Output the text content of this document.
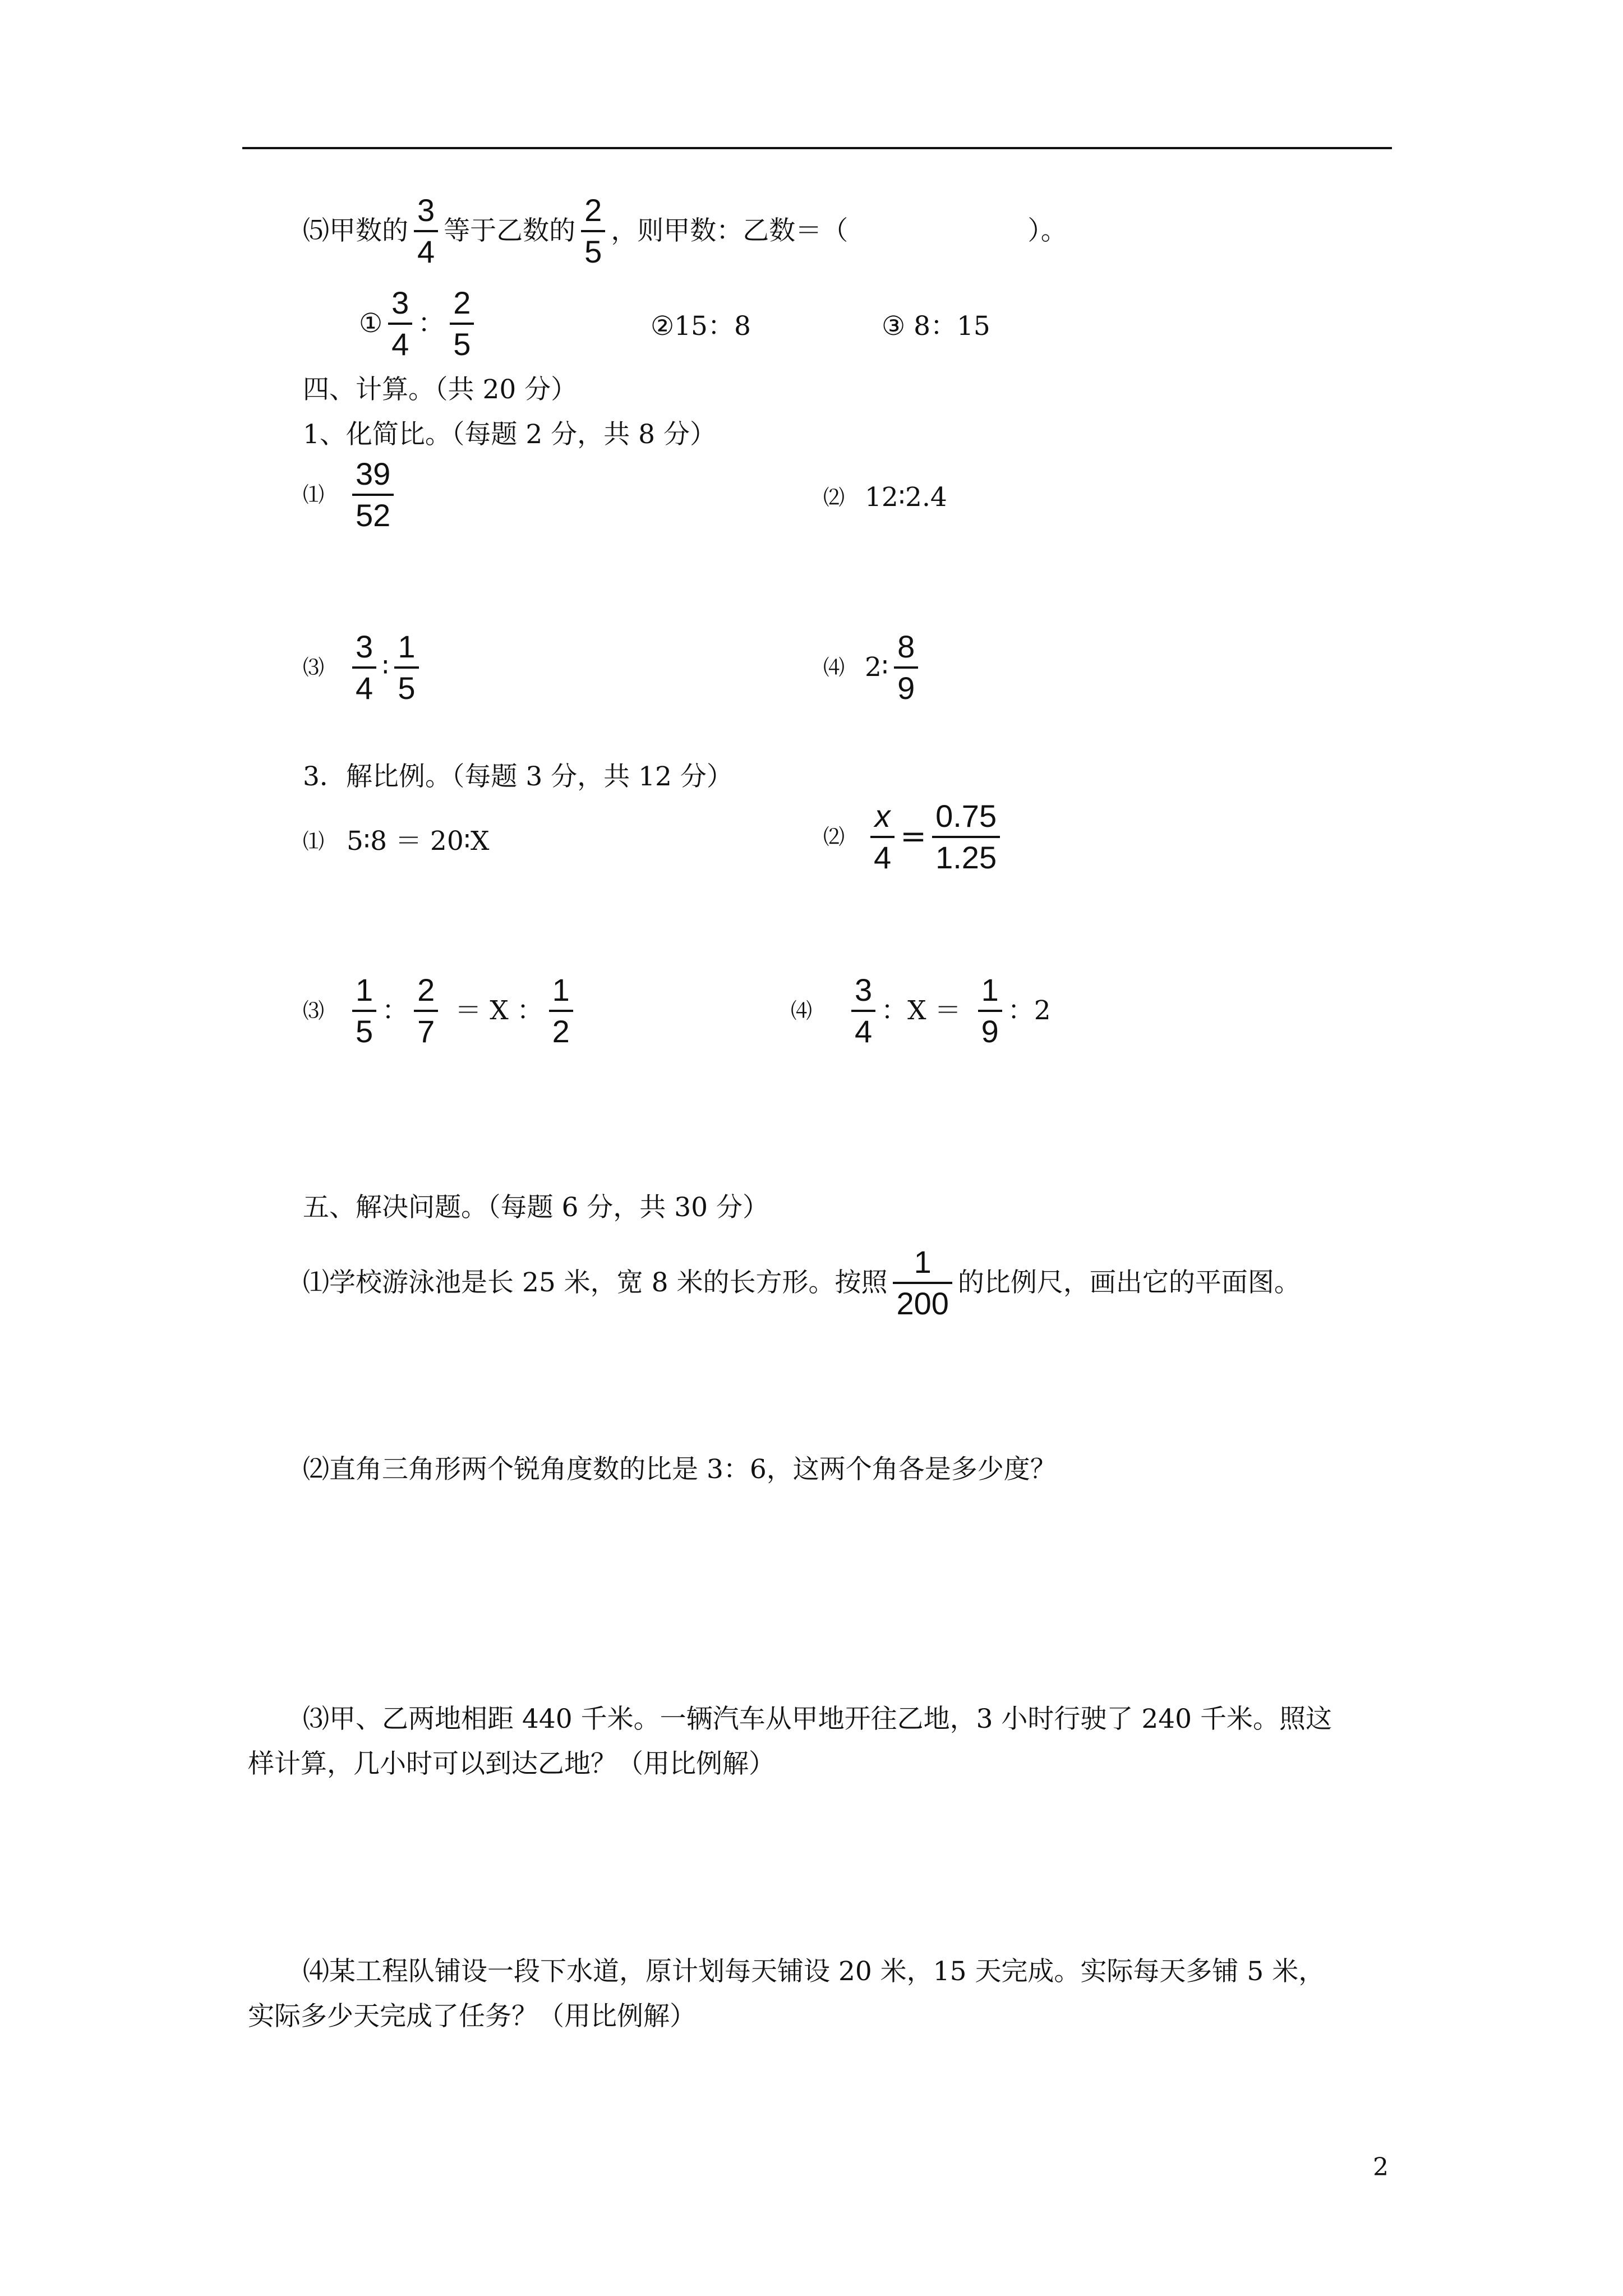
⑸甲数的 $\frac{3}{4}$ 等于乙数的 $\frac{2}{5}$ ，则甲数：乙数＝（	）。
① $\frac{3}{4}$ ： $\frac{2}{5}$	②15：8	③ 8：15
四、计算。（共 20 分）
1、化简比。（每题 2 分，共 8 分）
⑴ $\frac{39}{52}$	⑵ 12∶2.4
⑶ $\frac{3}{4}$ ∶ $\frac{1}{5}$	⑷ 2∶ $\frac{8}{9}$
3．解比例。（每题 3 分，共 12 分）
⑴ 5∶8 ＝ 20∶X	⑵ $\frac{x}{4} = \frac{0.75}{1.25}$
⑶ $\frac{1}{5}$ ： $\frac{2}{7} = X$ ： $\frac{1}{2}$	⑷ $\frac{3}{4}$ ：$X = \frac{1}{9}$ ：2
五、解决问题。（每题 6 分，共 30 分）
⑴学校游泳池是长 25 米，宽 8 米的长方形。按照 $\frac{1}{200}$ 的比例尺，画出它的平面图。
⑵直角三角形两个锐角度数的比是 3：6，这两个角各是多少度？
⑶甲、乙两地相距 440 千米。一辆汽车从甲地开往乙地，3 小时行驶了 240 千米。照这
样计算，几小时可以到达乙地？（用比例解）
⑷某工程队铺设一段下水道，原计划每天铺设 20 米，15 天完成。实际每天多铺 5 米，
实际多少天完成了任务？（用比例解）
2
